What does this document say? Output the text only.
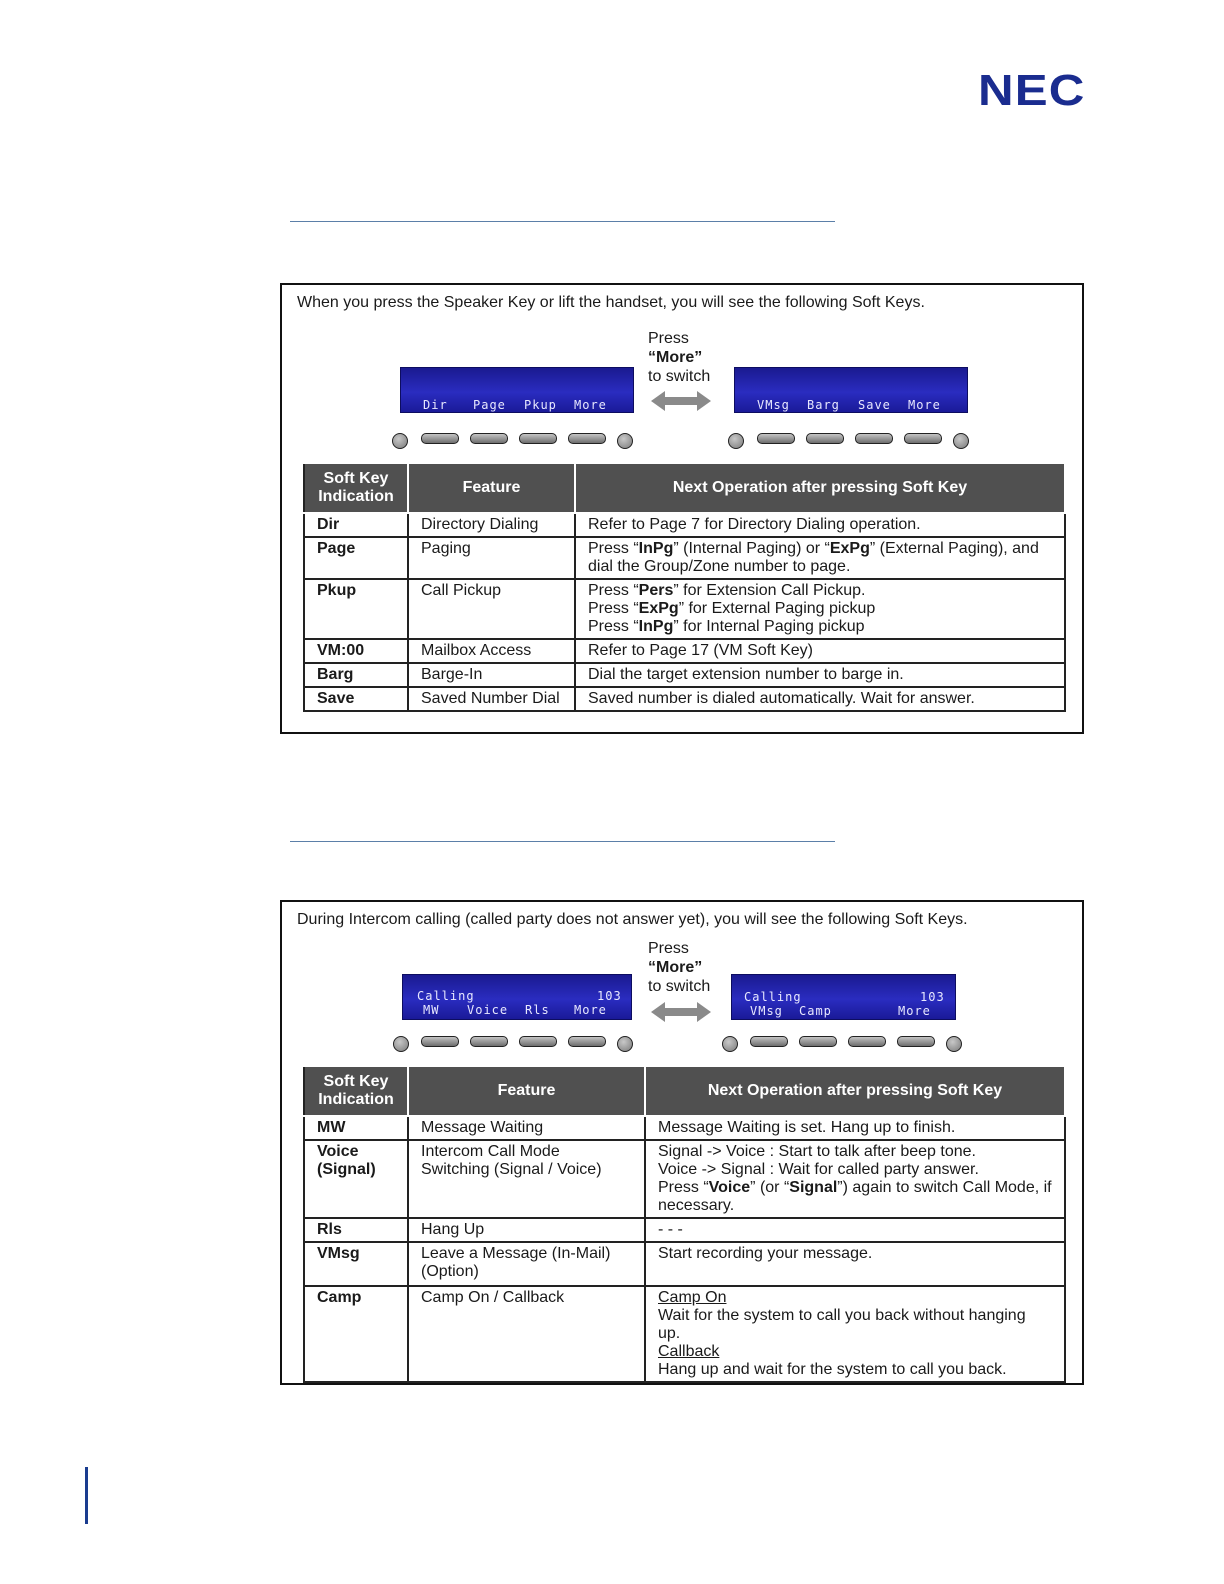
NEC
When you press the Speaker Key or lift the handset, you will see the following Soft Keys.
Press
“More”
to switch
Dir Page Pkup More	VMsg Barg Save More
Soft Key Indication	Feature	Next Operation after pressing Soft Key
Dir	Directory Dialing	Refer to Page 7 for Directory Dialing operation.
Page	Paging	Press “InPg” (Internal Paging) or “ExPg” (External Paging), and dial the Group/Zone number to page.
Pkup	Call Pickup	Press “Pers” for Extension Call Pickup.
Press “ExPg” for External Paging pickup
Press “InPg” for Internal Paging pickup

VM:00	Mailbox Access	Refer to Page 17 (VM Soft Key)
Barg	Barge-In	Dial the target extension number to barge in.
Save	Saved Number Dial	Saved number is dialed automatically. Wait for answer.
During Intercom calling (called party does not answer yet), you will see the following Soft Keys.
Press
“More”
to switch
Calling	103
MW Voice Rls More
Calling	103
VMsg Camp	More
Soft Key Indication	Feature	Next Operation after pressing Soft Key
MW	Message Waiting	Message Waiting is set. Hang up to finish.
Voice (Signal)	Intercom Call Mode Switching (Signal / Voice)	Signal -> Voice : Start to talk after beep tone.
Voice -> Signal : Wait for called party answer.
Press “Voice” (or “Signal”) again to switch Call Mode, if necessary.

Rls	Hang Up	- - -
VMsg	Leave a Message (In-Mail) (Option)	Start recording your message.
Camp	Camp On / Callback	Camp On
Wait for the system to call you back without hanging up.
Callback
Hang up and wait for the system to call you back.
